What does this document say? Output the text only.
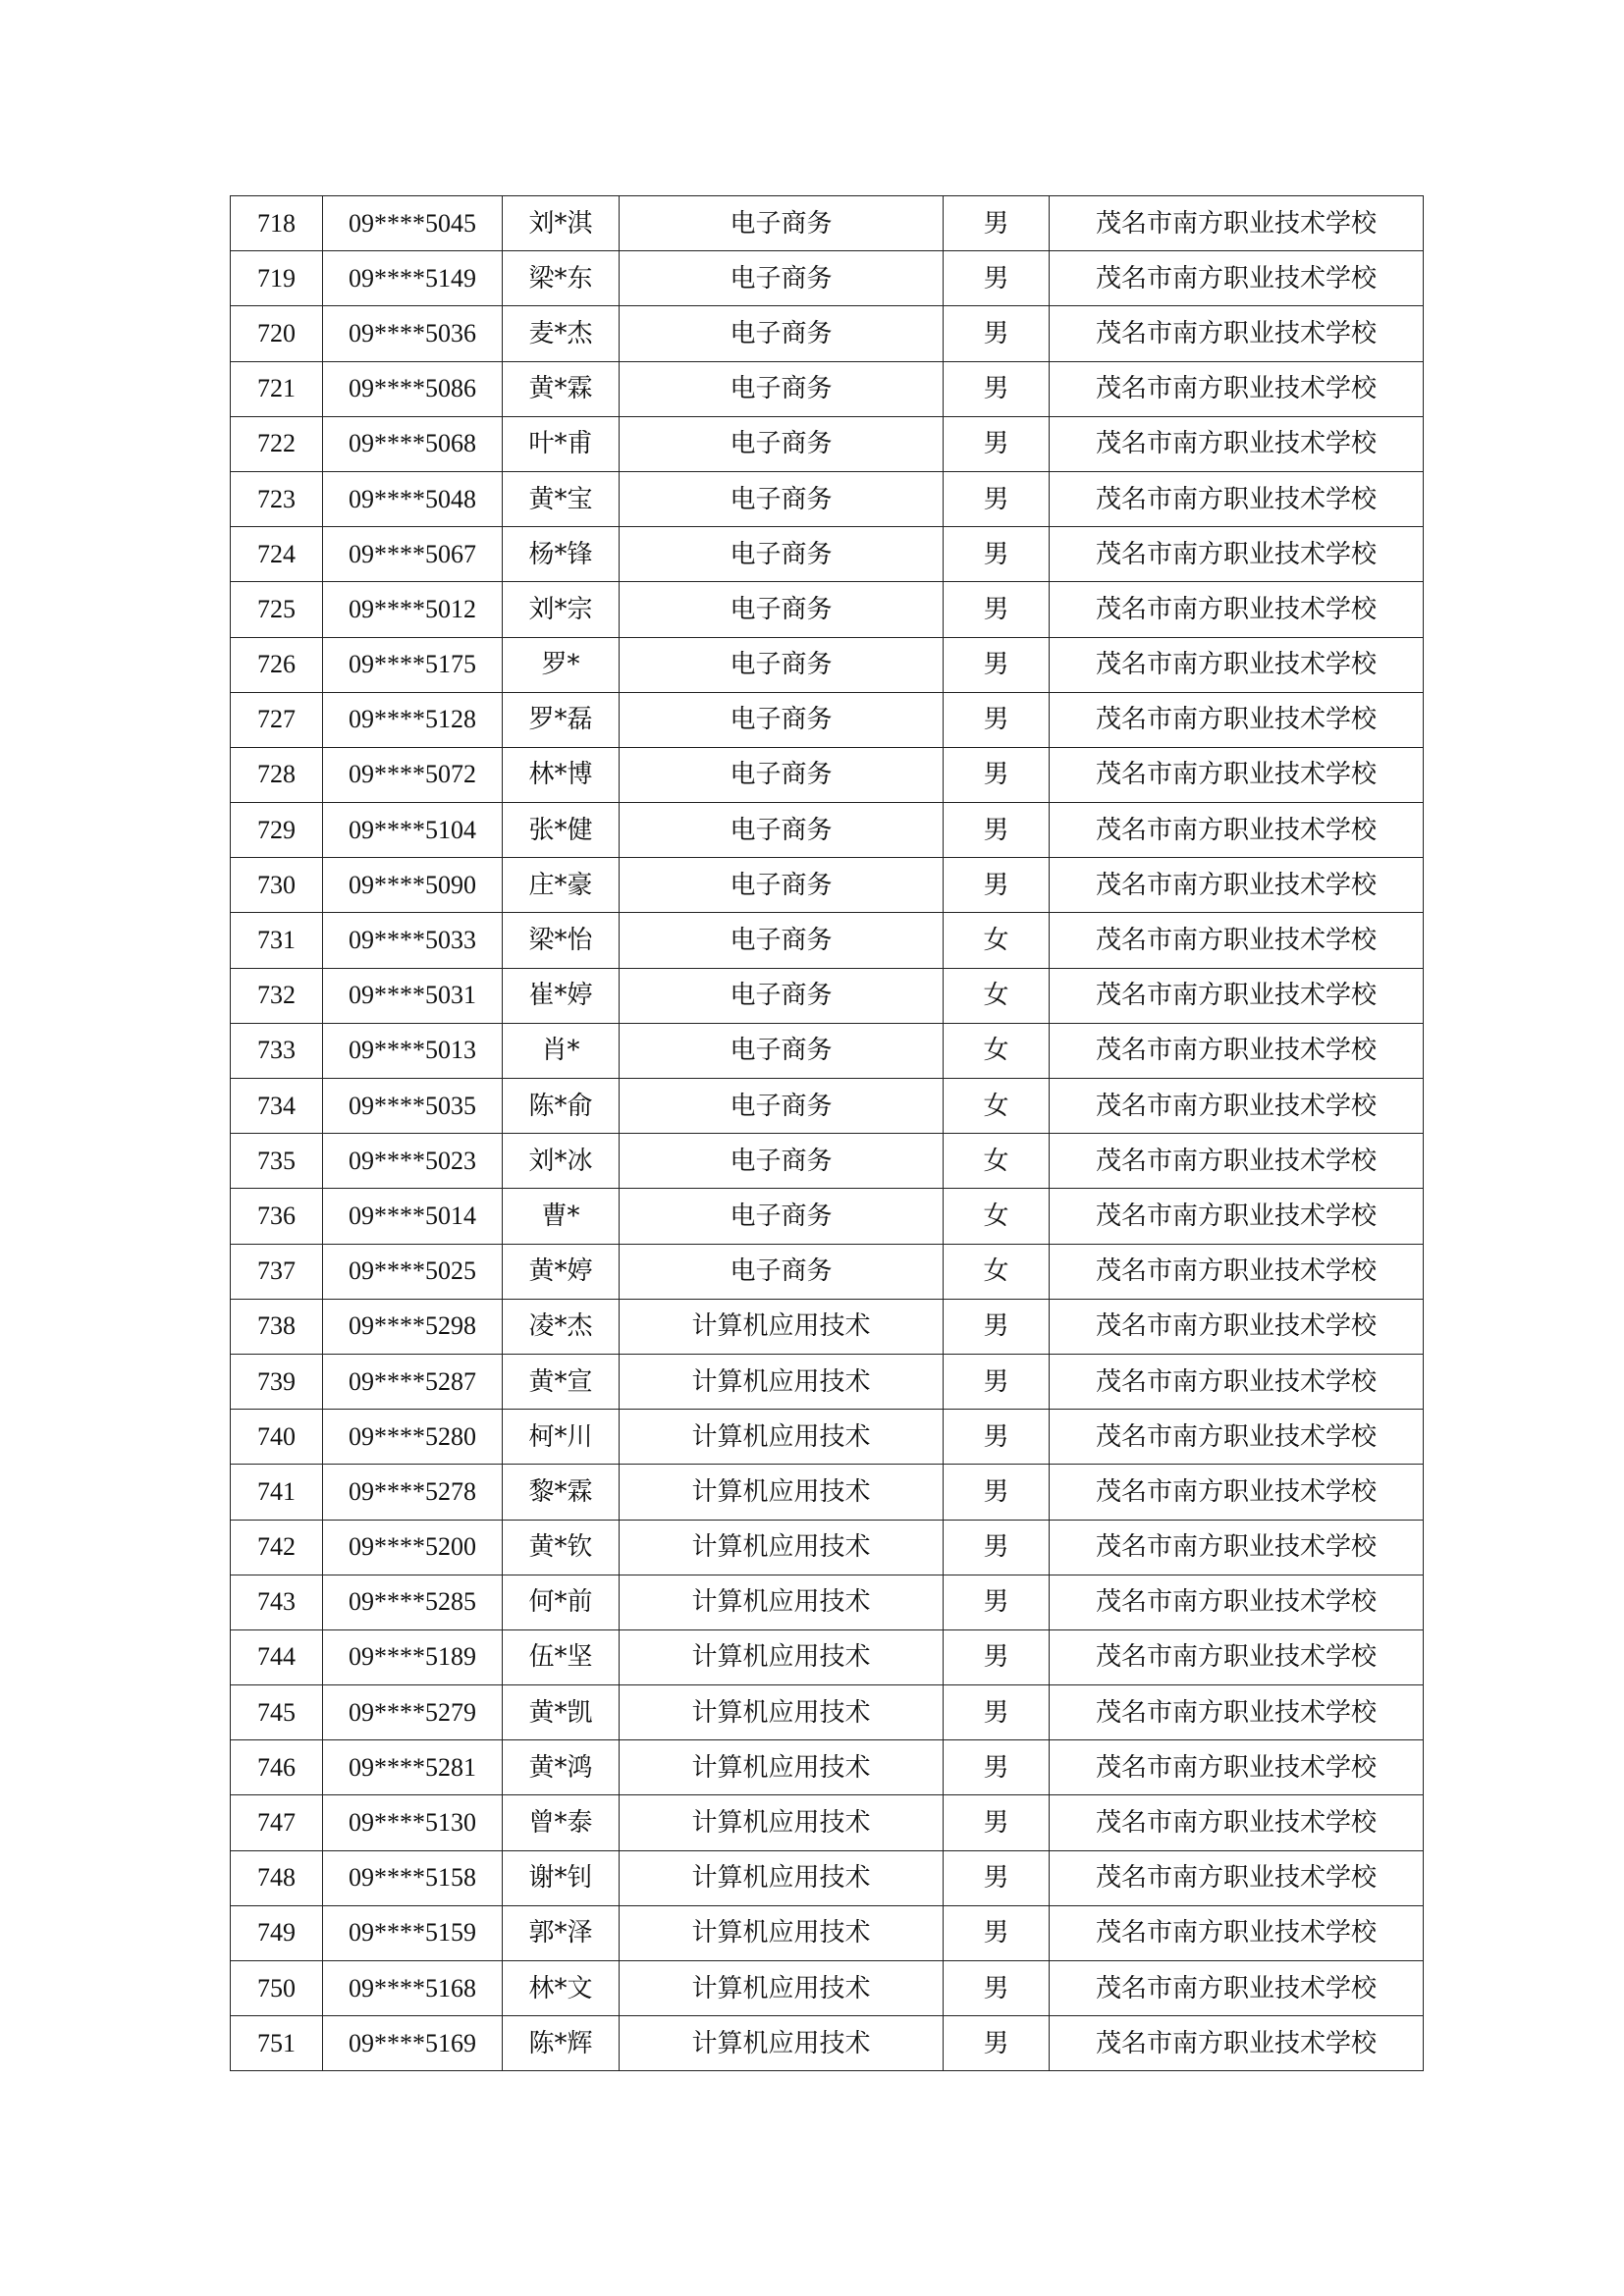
718	09****5045	刘*淇	电子商务	男	茂名市南方职业技术学校
719	09****5149	梁*东	电子商务	男	茂名市南方职业技术学校
720	09****5036	麦*杰	电子商务	男	茂名市南方职业技术学校
721	09****5086	黄*霖	电子商务	男	茂名市南方职业技术学校
722	09****5068	叶*甫	电子商务	男	茂名市南方职业技术学校
723	09****5048	黄*宝	电子商务	男	茂名市南方职业技术学校
724	09****5067	杨*锋	电子商务	男	茂名市南方职业技术学校
725	09****5012	刘*宗	电子商务	男	茂名市南方职业技术学校
726	09****5175	罗*	电子商务	男	茂名市南方职业技术学校
727	09****5128	罗*磊	电子商务	男	茂名市南方职业技术学校
728	09****5072	林*博	电子商务	男	茂名市南方职业技术学校
729	09****5104	张*健	电子商务	男	茂名市南方职业技术学校
730	09****5090	庄*豪	电子商务	男	茂名市南方职业技术学校
731	09****5033	梁*怡	电子商务	女	茂名市南方职业技术学校
732	09****5031	崔*婷	电子商务	女	茂名市南方职业技术学校
733	09****5013	肖*	电子商务	女	茂名市南方职业技术学校
734	09****5035	陈*俞	电子商务	女	茂名市南方职业技术学校
735	09****5023	刘*冰	电子商务	女	茂名市南方职业技术学校
736	09****5014	曹*	电子商务	女	茂名市南方职业技术学校
737	09****5025	黄*婷	电子商务	女	茂名市南方职业技术学校
738	09****5298	凌*杰	计算机应用技术	男	茂名市南方职业技术学校
739	09****5287	黄*宣	计算机应用技术	男	茂名市南方职业技术学校
740	09****5280	柯*川	计算机应用技术	男	茂名市南方职业技术学校
741	09****5278	黎*霖	计算机应用技术	男	茂名市南方职业技术学校
742	09****5200	黄*钦	计算机应用技术	男	茂名市南方职业技术学校
743	09****5285	何*前	计算机应用技术	男	茂名市南方职业技术学校
744	09****5189	伍*坚	计算机应用技术	男	茂名市南方职业技术学校
745	09****5279	黄*凯	计算机应用技术	男	茂名市南方职业技术学校
746	09****5281	黄*鸿	计算机应用技术	男	茂名市南方职业技术学校
747	09****5130	曾*泰	计算机应用技术	男	茂名市南方职业技术学校
748	09****5158	谢*钊	计算机应用技术	男	茂名市南方职业技术学校
749	09****5159	郭*泽	计算机应用技术	男	茂名市南方职业技术学校
750	09****5168	林*文	计算机应用技术	男	茂名市南方职业技术学校
751	09****5169	陈*辉	计算机应用技术	男	茂名市南方职业技术学校
